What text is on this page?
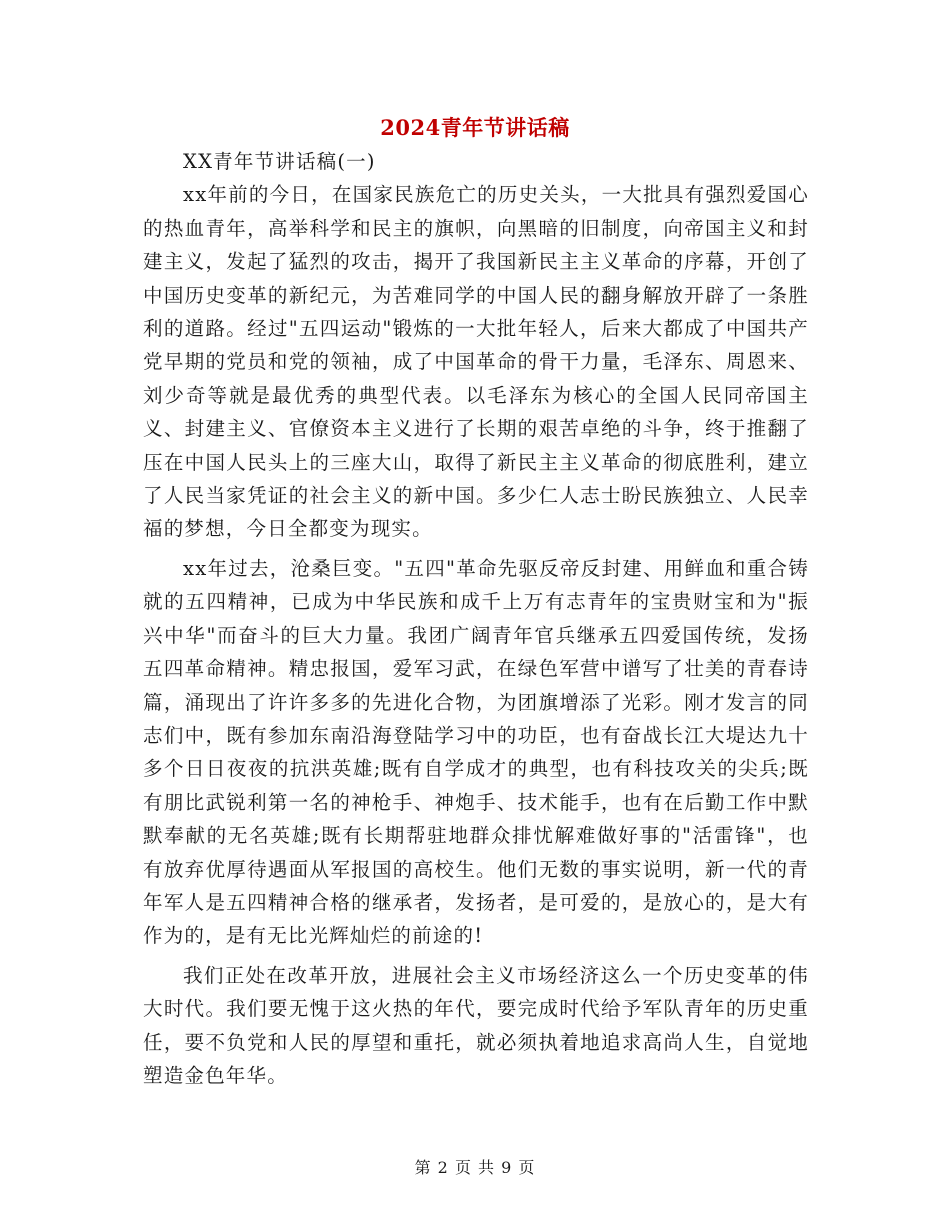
2024青年节讲话稿

XX青年节讲话稿(一)

xx年前的今日，在国家民族危亡的历史关头，一大批具有强烈爱国心的热血青年，高举科学和民主的旗帜，向黑暗的旧制度，向帝国主义和封建主义，发起了猛烈的攻击，揭开了我国新民主主义革命的序幕，开创了中国历史变革的新纪元，为苦难同学的中国人民的翻身解放开辟了一条胜利的道路。经过"五四运动"锻炼的一大批年轻人，后来大都成了中国共产党早期的党员和党的领袖，成了中国革命的骨干力量，毛泽东、周恩来、刘少奇等就是最优秀的典型代表。以毛泽东为核心的全国人民同帝国主义、封建主义、官僚资本主义进行了长期的艰苦卓绝的斗争，终于推翻了压在中国人民头上的三座大山，取得了新民主主义革命的彻底胜利，建立了人民当家凭证的社会主义的新中国。多少仁人志士盼民族独立、人民幸福的梦想，今日全都变为现实。

xx年过去，沧桑巨变。"五四"革命先驱反帝反封建、用鲜血和重合铸就的五四精神，已成为中华民族和成千上万有志青年的宝贵财宝和为"振兴中华"而奋斗的巨大力量。我团广阔青年官兵继承五四爱国传统，发扬五四革命精神。精忠报国，爱军习武，在绿色军营中谱写了壮美的青春诗篇，涌现出了许许多多的先进化合物，为团旗增添了光彩。刚才发言的同志们中，既有参加东南沿海登陆学习中的功臣，也有奋战长江大堤达九十多个日日夜夜的抗洪英雄;既有自学成才的典型，也有科技攻关的尖兵;既有朋比武锐利第一名的神枪手、神炮手、技术能手，也有在后勤工作中默默奉献的无名英雄;既有长期帮驻地群众排忧解难做好事的"活雷锋"，也有放弃优厚待遇面从军报国的高校生。他们无数的事实说明，新一代的青年军人是五四精神合格的继承者，发扬者，是可爱的，是放心的，是大有作为的，是有无比光辉灿烂的前途的!

我们正处在改革开放，进展社会主义市场经济这么一个历史变革的伟大时代。我们要无愧于这火热的年代，要完成时代给予军队青年的历史重任，要不负党和人民的厚望和重托，就必须执着地追求高尚人生，自觉地塑造金色年华。

第 2 页 共 9 页
